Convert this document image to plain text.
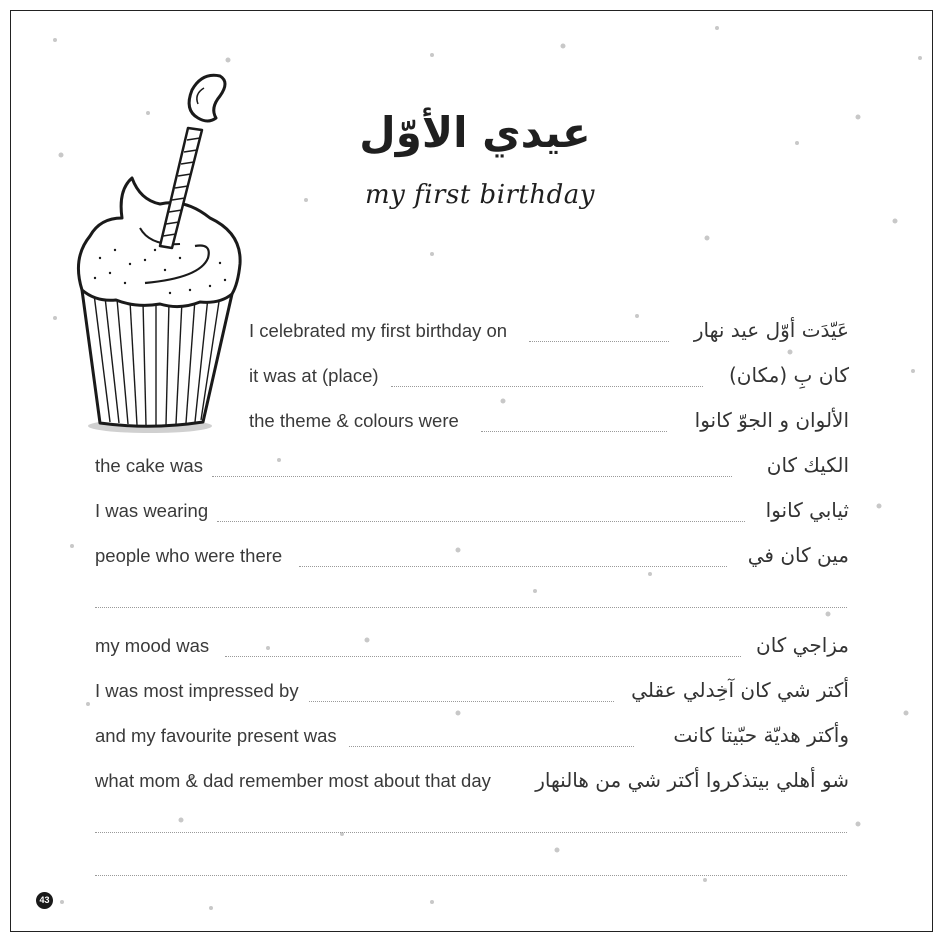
عيدي الأوّل
my first birthday
I celebrated my first birthday on	عَيّدَت أوّل عيد نهار
it was at (place)	كان بِ (مكان)
the theme & colours were	الألوان و الجوّ كانوا
the cake was	الكيك كان
I was wearing	ثيابي كانوا
people who were there	مين كان في
my mood was	مزاجي كان
I was most impressed by	أكتر شي كان آخِدلي عقلي
and my favourite present was	وأكتر هديّة حبّيتا كانت
what mom & dad remember most about that day شو أهلي بيتذكروا أكتر شي من هالنهار
43
